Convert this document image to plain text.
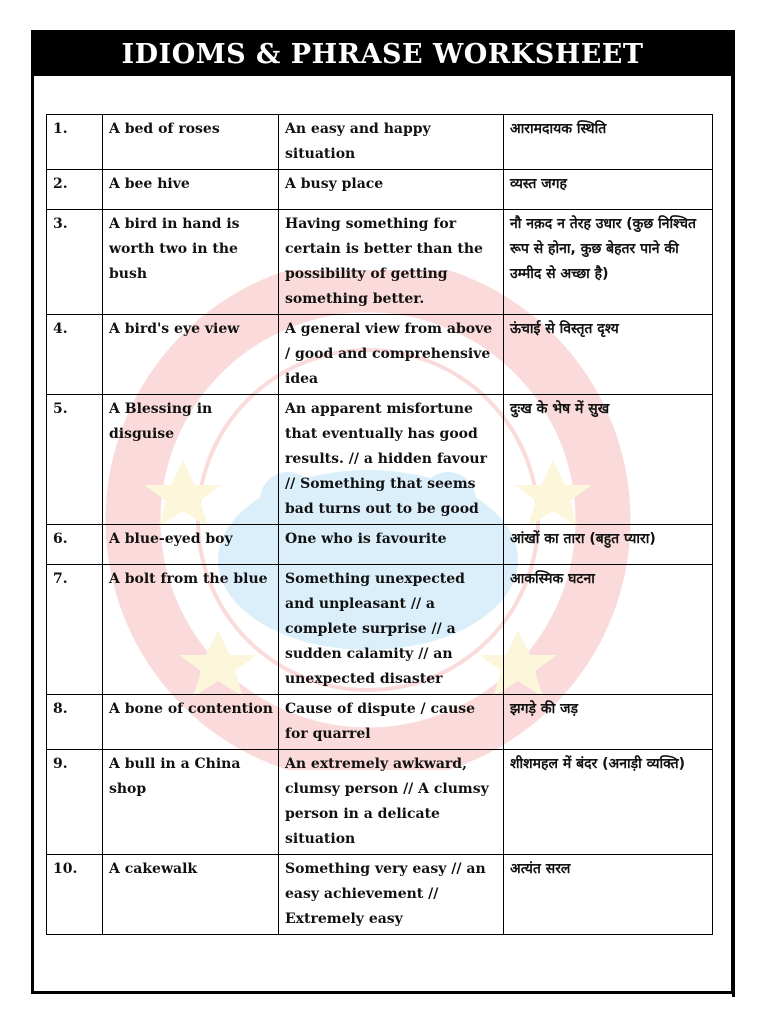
IDIOMS & PHRASE WORKSHEET
1.	A bed of roses	An easy and happy situation	आरामदायक स्थिति
2.	A bee hive	A busy place	व्यस्त जगह
3.	A bird in hand is worth two in the bush	Having something for certain is better than the possibility of getting something better.	नौ नक़द न तेरह उधार (कुछ निश्चित रूप से होना, कुछ बेहतर पाने की उम्मीद से अच्छा है)
4.	A bird's eye view	A general view from above / good and comprehensive idea	ऊंचाई से विस्तृत दृश्य
5.	A Blessing in disguise	An apparent misfortune that eventually has good results. // a hidden favour // Something that seems bad turns out to be good	दुःख के भेष में सुख
6.	A blue-eyed boy	One who is favourite	आंखों का तारा (बहुत प्यारा)
7.	A bolt from the blue	Something unexpected and unpleasant // a complete surprise // a sudden calamity // an unexpected disaster	आकस्मिक घटना
8.	A bone of contention	Cause of dispute / cause for quarrel	झगड़े की जड़
9.	A bull in a China shop	An extremely awkward, clumsy person // A clumsy person in a delicate situation	शीशमहल में बंदर (अनाड़ी व्यक्ति)
10.	A cakewalk	Something very easy // an easy achievement // Extremely easy	अत्यंत सरल
